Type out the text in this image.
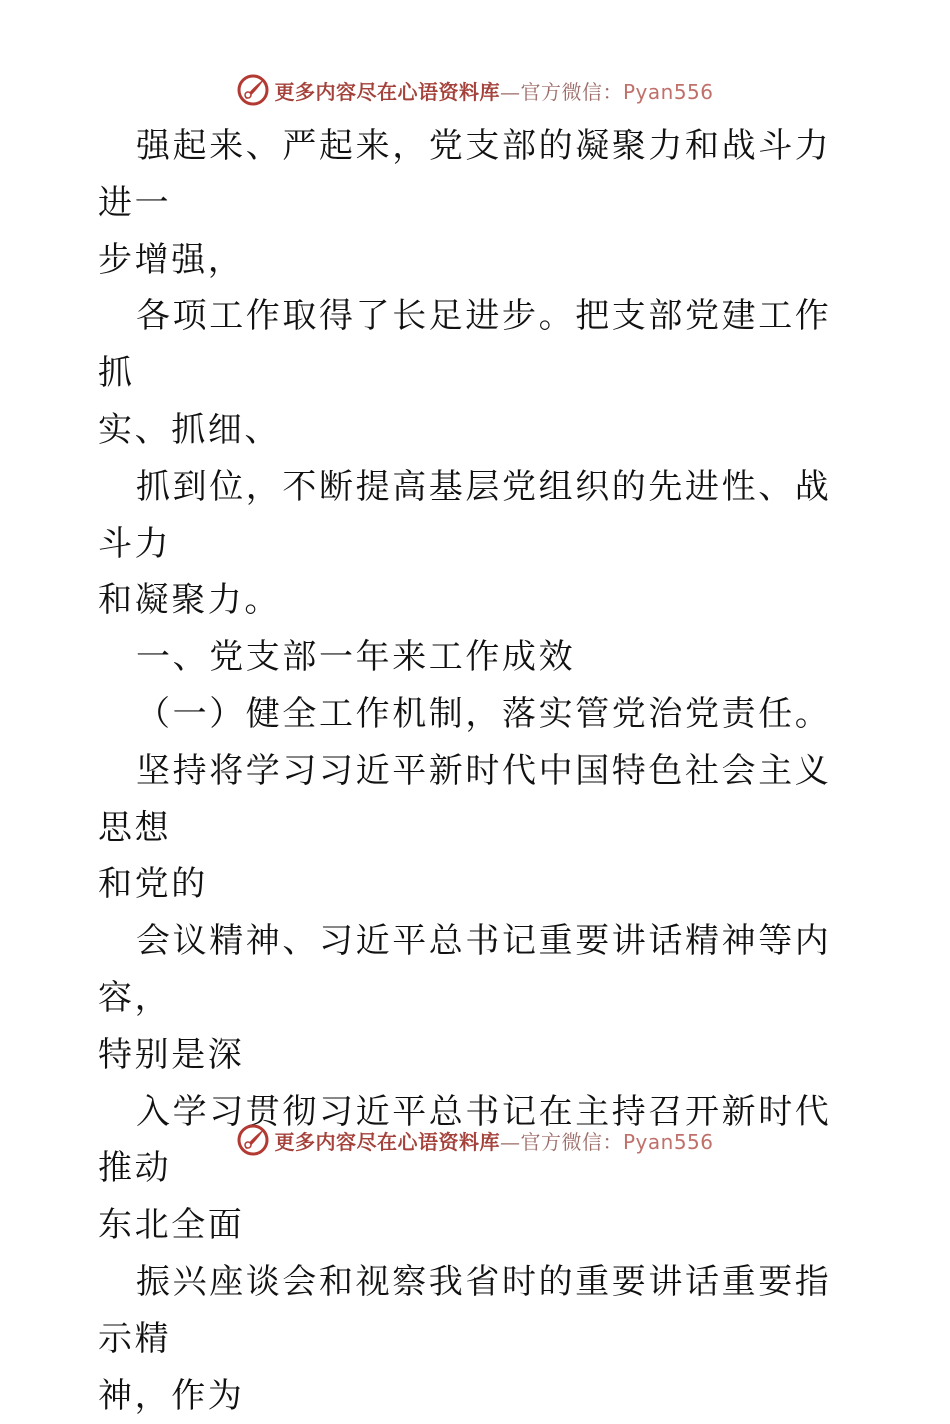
更多内容尽在心语资料库—官方微信：Pyan556

强起来、严起来，党支部的凝聚力和战斗力进一

步增强，

各项工作取得了长足进步。把支部党建工作抓

实、抓细、

抓到位，不断提高基层党组织的先进性、战斗力

和凝聚力。

一、党支部一年来工作成效

（一）健全工作机制，落实管党治党责任。

坚持将学习习近平新时代中国特色社会主义思想

和党的

会议精神、习近平总书记重要讲话精神等内容，

特别是深

入学习贯彻习近平总书记在主持召开新时代推动

东北全面

振兴座谈会和视察我省时的重要讲话重要指示精

神，作为

更多内容尽在心语资料库—官方微信：Pyan556
